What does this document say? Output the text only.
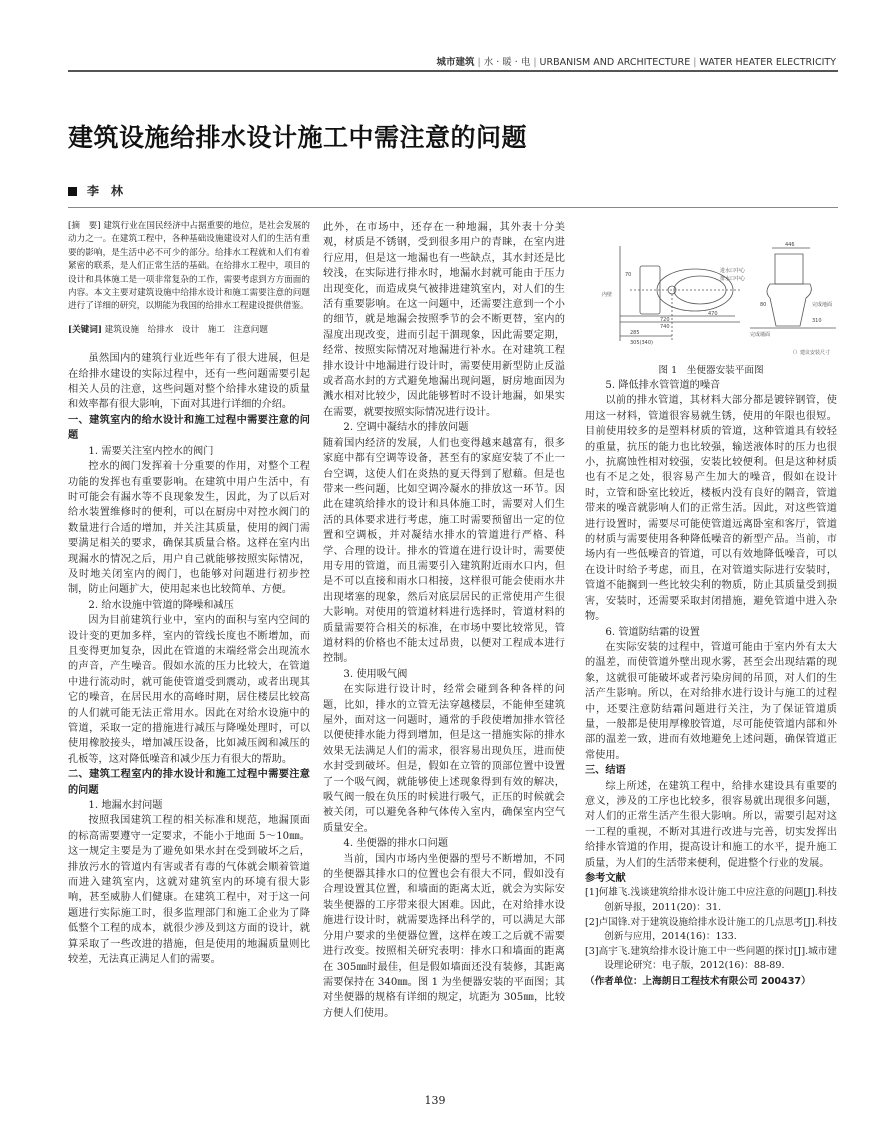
城市建筑 | 水 · 暖 · 电 | URBANISM AND ARCHITECTURE | WATER HEATER ELECTRICITY
建筑设施给排水设计施工中需注意的问题
李　林

[摘　要] 建筑行业在国民经济中占据重要的地位，是社会发展的动力之一。在建筑工程中，各种基础设施建设对人们的生活有重要的影响，是生活中必不可少的部分。给排水工程就和人们有着紧密的联系，是人们正常生活的基础。在给排水工程中，项目的设计和具体施工是一项非常复杂的工作，需要考虑到方方面面的内容。本文主要对建筑设施中给排水设计和施工需要注意的问题进行了详细的研究，以期能为我国的给排水工程建设提供借鉴。

[关键词] 建筑设施　给排水　设计　施工　注意问题

虽然国内的建筑行业近些年有了很大进展，但是在给排水建设的实际过程中，还有一些问题需要引起相关人员的注意，这些问题对整个给排水建设的质量和效率都有很大影响，下面对其进行详细的介绍。

一、建筑室内的给水设计和施工过程中需要注意的问题

1. 需要关注室内控水的阀门

控水的阀门发挥着十分重要的作用，对整个工程功能的发挥也有重要影响。在建筑中用户生活中，有时可能会有漏水等不良现象发生，因此，为了以后对给水装置维修时的便利，可以在厨房中对控水阀门的数量进行合适的增加，并关注其质量，使用的阀门需要满足相关的要求，确保其质量合格。这样在室内出现漏水的情况之后，用户自己就能够按照实际情况，及时地关闭室内的阀门，也能够对问题进行初步控制，防止问题扩大，使用起来也比较简单、方便。

2. 给水设施中管道的降噪和减压

因为目前建筑行业中，室内的面积与室内空间的设计变的更加多样，室内的管线长度也不断增加，而且变得更加复杂，因此在管道的末端经常会出现流水的声音，产生噪音。假如水流的压力比较大，在管道中进行流动时，就可能使管道受到震动，或者出现其它的噪音，在居民用水的高峰时期，居住楼层比较高的人们就可能无法正常用水。因此在对给水设施中的管道，采取一定的措施进行减压与降噪处理时，可以使用橡胶接头，增加减压设备，比如减压阀和减压的孔板等，这对降低噪音和减少压力有很大的帮助。

二、建筑工程室内的排水设计和施工过程中需要注意的问题

1. 地漏水封问题

按照我国建筑工程的相关标准和规范，地漏顶面的标高需要遵守一定要求，不能小于地面 5～10㎜。这一规定主要是为了避免如果水封在受到破坏之后，排放污水的管道内有害或者有毒的气体就会顺着管道而进入建筑室内，这就对建筑室内的环境有很大影响，甚至威胁人们健康。在建筑工程中，对于这一问题进行实际施工时，很多监理部门和施工企业为了降低整个工程的成本，就很少涉及到这方面的设计，就算采取了一些改进的措施，但是使用的地漏质量则比较差，无法真正满足人们的需要。

此外，在市场中，还存在一种地漏，其外表十分美观，材质是不锈钢，受到很多用户的青睐，在室内进行应用，但是这一地漏也有一些缺点，其水封还是比较浅，在实际进行排水时，地漏水封就可能由于压力出现变化，而造成臭气被排进建筑室内，对人们的生活有重要影响。在这一问题中，还需要注意到一个小的细节，就是地漏会按照季节的会不断更替，室内的湿度出现改变，进而引起干涸现象，因此需要定期，经常、按照实际情况对地漏进行补水。在对建筑工程排水设计中地漏进行设计时，需要使用新型防止反溢或者高水封的方式避免地漏出现问题，厨房地面因为溅水相对比较少，因此能够暂时不设计地漏，如果实在需要，就要按照实际情况进行设计。

2. 空调中凝结水的排放问题

随着国内经济的发展，人们也变得越来越富有，很多家庭中都有空调等设备，甚至有的家庭安装了不止一台空调，这使人们在炎热的夏天得到了慰藉。但是也带来一些问题，比如空调冷凝水的排放这一环节。因此在建筑给排水的设计和具体施工时，需要对人们生活的具体要求进行考虑，施工时需要预留出一定的位置和空调板，并对凝结水排水的管道进行严格、科学、合理的设计。排水的管道在进行设计时，需要使用专用的管道，而且需要引入建筑附近雨水口内，但是不可以直接和雨水口相接，这样很可能会使雨水井出现堵塞的现象，然后对底层居民的正常使用产生很大影响。对使用的管道材料进行选择时，管道材料的质量需要符合相关的标准，在市场中要比较常见，管道材料的价格也不能太过昂贵，以便对工程成本进行控制。

3. 使用吸气阀

在实际进行设计时，经常会碰到各种各样的问题，比如，排水的立管无法穿越楼层，不能伸至建筑屋外，面对这一问题时，通常的手段使增加排水管径以便使排水能力得到增加，但是这一措施实际的排水效果无法满足人们的需求，很容易出现负压，进而使水封受到破坏。但是，假如在立管的顶部位置中设置了一个吸气阀，就能够使上述现象得到有效的解决，吸气阀一般在负压的时候进行吸气，正压的时候就会被关闭，可以避免各种气体传入室内，确保室内空气质量安全。

4. 坐便器的排水口问题

当前，国内市场内坐便器的型号不断增加，不同的坐便器其排水口的位置也会有很大不同，假如没有合理设置其位置，和墙面的距离太近，就会为实际安装坐便器的工序带来很大困难。因此，在对给排水设施进行设计时，就需要选择出科学的，可以满足大部分用户要求的坐便器位置，这样在竣工之后就不需要进行改变。按照相关研究表明：排水口和墙面的距离在 305㎜时最佳，但是假如墙面还没有装修，其距离需要保持在 340㎜。图 1 为坐便器安装的平面图；其对坐便器的规格有详细的规定，坑距为 305㎜，比较方便人们使用。

内壁
进水口中心
排水口中心
完成地面
完成墙面
446
470
720
740
285
305(340)
70
80
310
（）建议安装尺寸
图 1　坐便器安装平面图

5. 降低排水管管道的噪音

以前的排水管道，其材料大部分都是镀锌钢管，使用这一材料，管道很容易就生锈，使用的年限也很短。目前使用较多的是塑料材质的管道，这种管道具有较轻的重量，抗压的能力也比较强，输送液体时的压力也很小，抗腐蚀性相对较强，安装比较便利。但是这种材质也有不足之处，很容易产生加大的噪音，假如在设计时，立管和卧室比较近，楼板内没有良好的隔音，管道带来的噪音就影响人们的正常生活。因此，对这些管道进行设置时，需要尽可能使管道远离卧室和客厅，管道的材质与需要使用各种降低噪音的新型产品。当前，市场内有一些低噪音的管道，可以有效地降低噪音，可以在设计时给予考虑，而且，在对管道实际进行安装时，管道不能搁到一些比较尖利的物质，防止其质量受到损害，安装时，还需要采取封闭措施，避免管道中进入杂物。

6. 管道防结霜的设置

在实际安装的过程中，管道可能由于室内外有太大的温差，而使管道外壁出现水雾，甚至会出现结霜的现象，这就很可能破坏或者污染房间的吊顶，对人们的生活产生影响。所以，在对给排水进行设计与施工的过程中，还要注意防结霜问题进行关注，为了保证管道质量，一般都是使用厚橡胶管道，尽可能使管道内部和外部的温差一致，进而有效地避免上述问题，确保管道正常使用。

三、结语

综上所述，在建筑工程中，给排水建设具有重要的意义，涉及的工序也比较多，很容易就出现很多问题，对人们的正常生活产生很大影响。所以，需要引起对这一工程的重视，不断对其进行改进与完善，切实发挥出给排水管道的作用，提高设计和施工的水平，提升施工质量，为人们的生活带来便利，促进整个行业的发展。

参考文献

[1]何雄飞.浅谈建筑给排水设计施工中应注意的问题[J].科技创新导报，2011(20)：31.

[2]卢国锋.对于建筑设施给排水设计施工的几点思考[J].科技创新与应用，2014(16)：133.

[3]高宇飞.建筑给排水设计施工中一些问题的探讨[J].城市建设理论研究：电子版，2012(16)：88-89.

（作者单位：上海朗日工程技术有限公司 200437）

139
